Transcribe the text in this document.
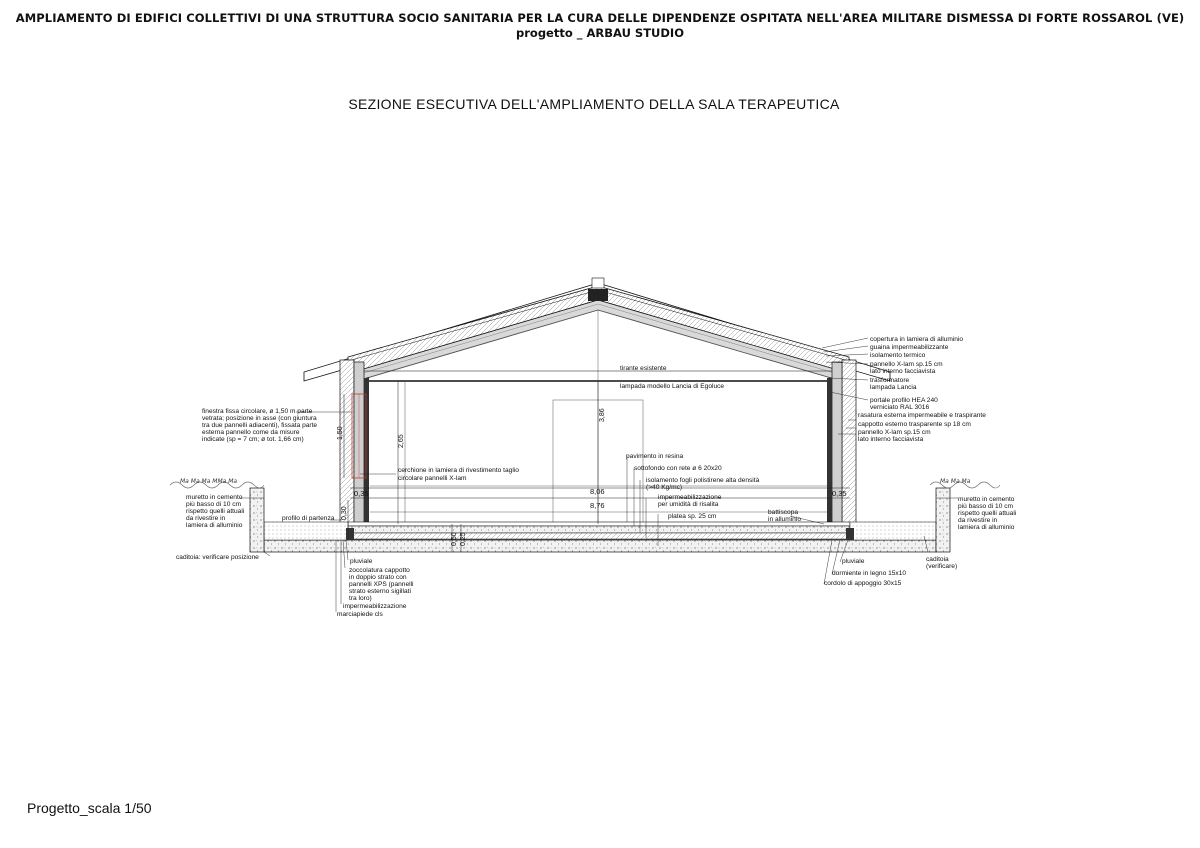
AMPLIAMENTO DI EDIFICI COLLETTIVI DI UNA STRUTTURA SOCIO SANITARIA PER LA CURA DELLE DIPENDENZE OSPITATA NELL'AREA MILITARE DISMESSA DI FORTE ROSSAROL (VE)
progetto _ ARBAU STUDIO
SEZIONE ESECUTIVA DELL'AMPLIAMENTO DELLA SALA TERAPEUTICA
3,86
2,65
1,50
8,06
8,76
0,35	0,35
0,30
0,50 0,25
copertura in lamiera di alluminio
guaina impermeabilizzante
isolamento termico
pannello X-lam sp.15 cm
lato interno facciavista
trasformatore
lampada Lancia
portale profilo HEA 240
verniciato RAL 3016
rasatura esterna impermeabile e traspirante
cappotto esterno trasparente sp 18 cm
pannello X-lam sp.15 cm
lato interno facciavista
muretto in cemento
più basso di 10 cm
rispetto quelli attuali
da rivestire in
lamiera di alluminio
caditoia
(verificare)
pluviale
dormiente in legno 15x10
cordolo di appoggio 30x15
tirante esistente
lampada modello Lancia di Egoluce
pavimento in resina
sottofondo con rete ø 6 20x20
isolamento fogli polistirene alta densità
(>40 Kg/mc)
impermeabilizzazione
per umidità di risalita
platea sp. 25 cm
battiscopa
in alluminio
cerchione in lamiera di rivestimento taglio
circolare pannelli X-lam
finestra fissa circolare, ø 1,50 m parte
vetrata; posizione in asse (con giuntura
tra due pannelli adiacenti), fissata parte
esterna pannello come da misure
indicate (sp = 7 cm; ø tot. 1,66 cm)
muretto in cemento
più basso di 10 cm
rispetto quelli attuali
da rivestire in
lamiera di alluminio
profilo di partenza
caditoia: verificare posizione
pluviale
zoccolatura cappotto
in doppio strato con
pannelli XPS (pannelli
strato esterno sigillati
tra loro)
impermeabilizzazione
marciapiede cls
Ma Ma Ma MMa Ma	Ma Ma Ma
Progetto_scala 1/50
